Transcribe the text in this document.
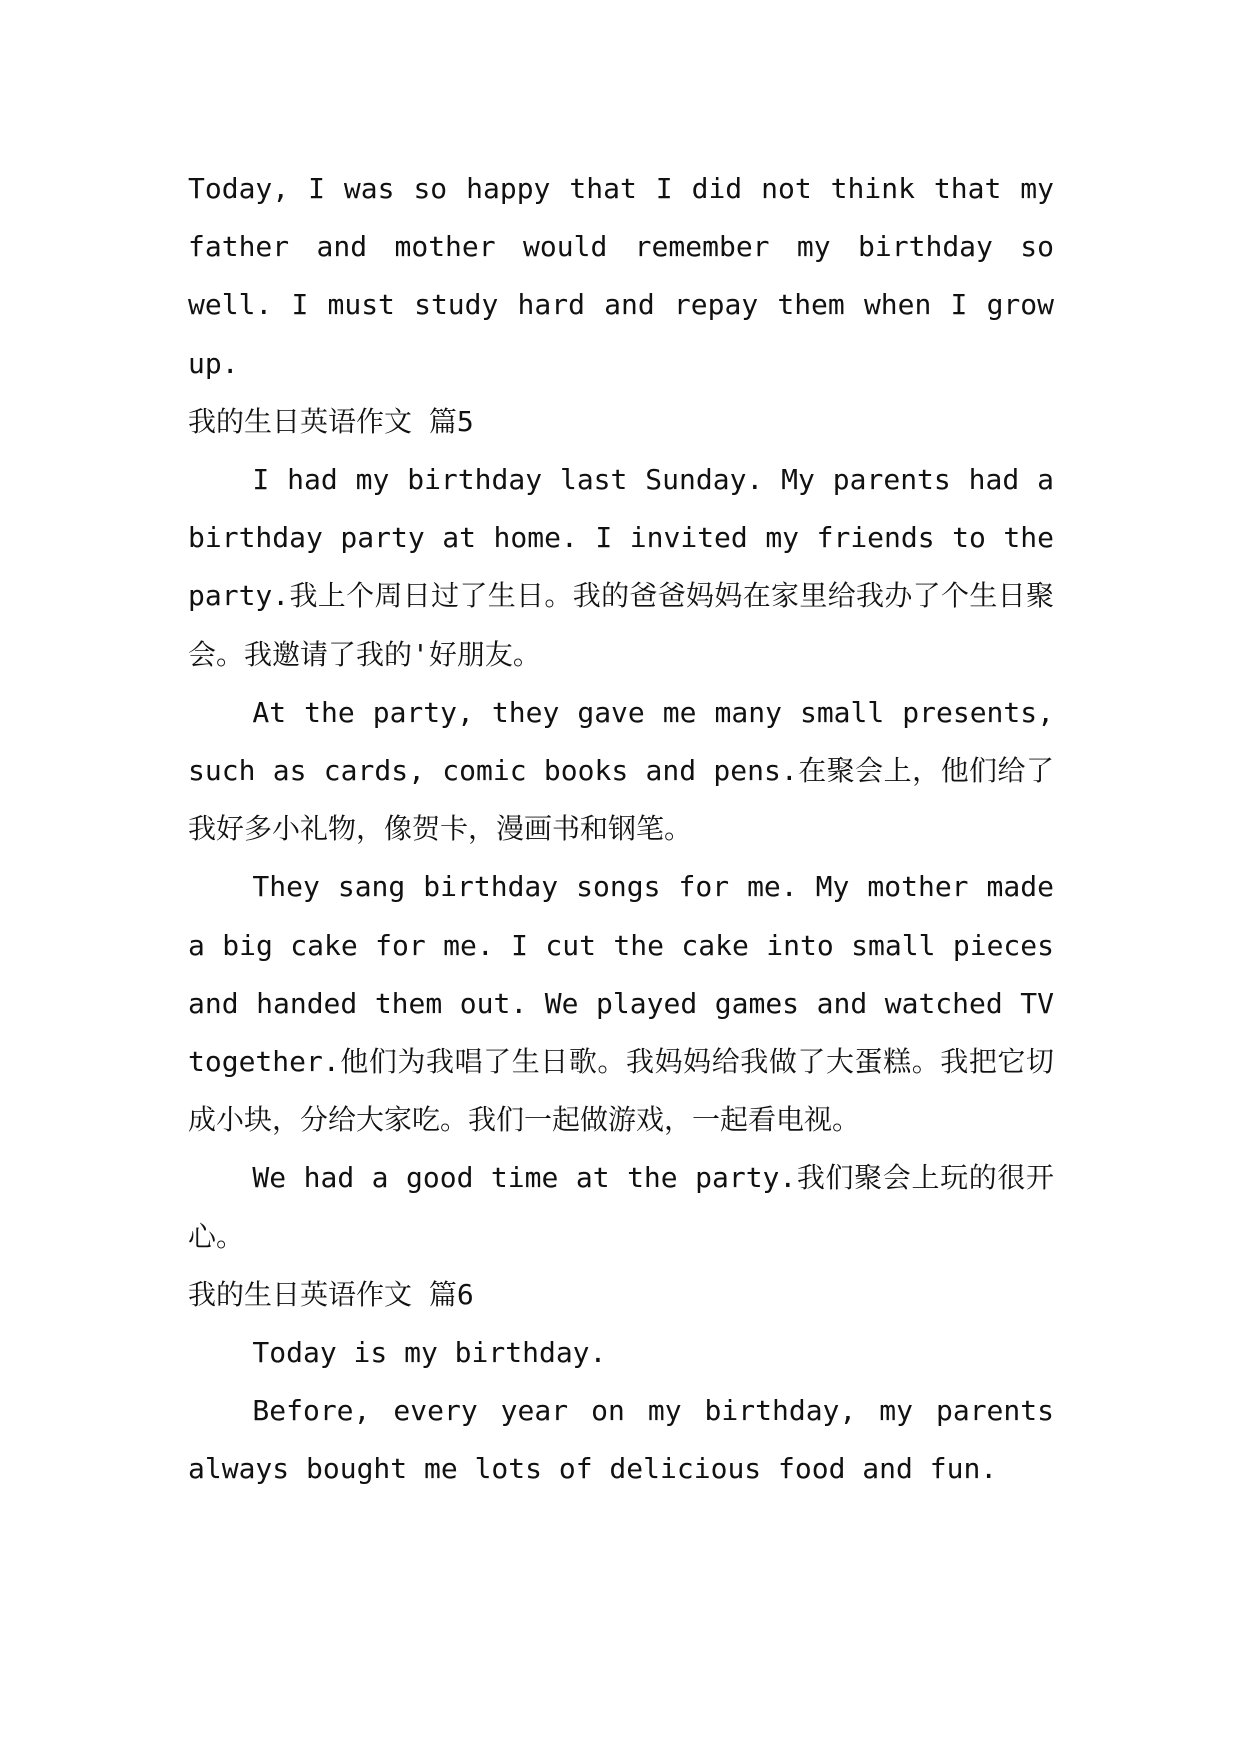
Today, I was so happy that I did not think that my father and mother would remember my birthday so well. I must study hard and repay them when I grow up.

我的生日英语作文 篇5

I had my birthday last Sunday. My parents had a birthday party at home. I invited my friends to the party.我上个周日过了生日。我的爸爸妈妈在家里给我办了个生日聚会。我邀请了我的'好朋友。

At the party, they gave me many small presents, such as cards, comic books and pens.在聚会上，他们给了我好多小礼物，像贺卡，漫画书和钢笔。

They sang birthday songs for me. My mother made a big cake for me. I cut the cake into small pieces and handed them out. We played games and watched TV together.他们为我唱了生日歌。我妈妈给我做了大蛋糕。我把它切成小块，分给大家吃。我们一起做游戏，一起看电视。

We had a good time at the party.我们聚会上玩的很开心。

我的生日英语作文 篇6

Today is my birthday.

Before, every year on my birthday, my parents always bought me lots of delicious food and fun.
